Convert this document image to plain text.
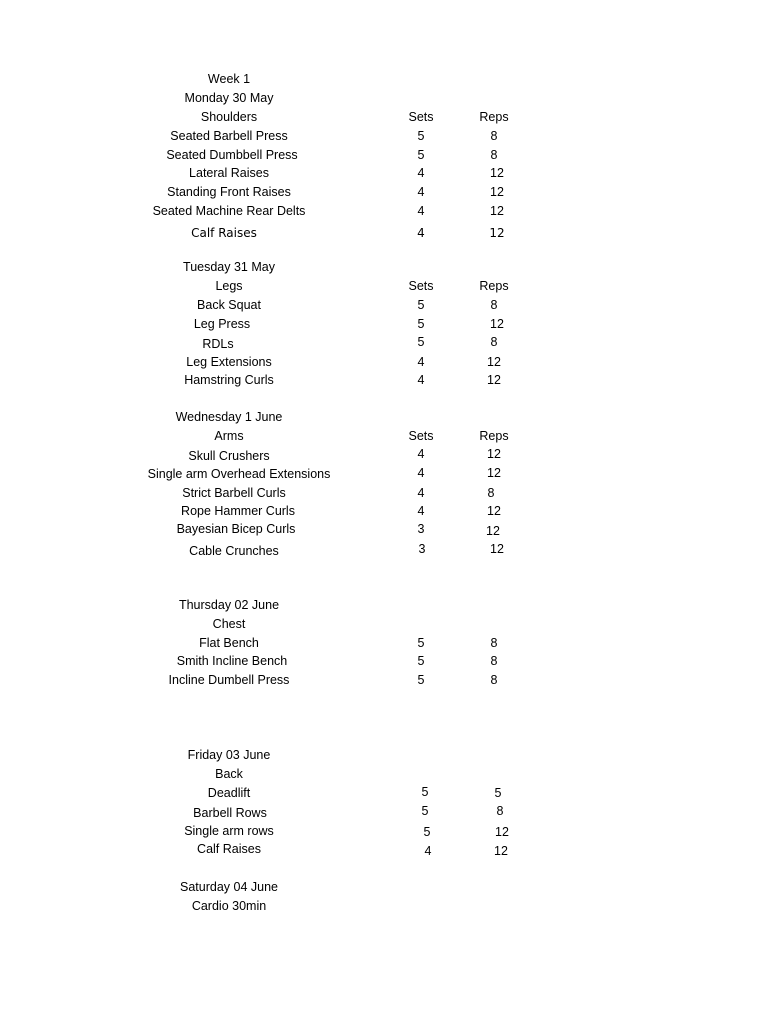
Week 1
Monday 30 May
Shoulders	Sets	Reps
Seated Barbell Press	5	8
Seated Dumbbell Press	5	8
Lateral Raises	4	12
Standing Front Raises	4	12
Seated Machine Rear Delts	4	12
Calf Raises	4	12
Tuesday 31 May
Legs	Sets	Reps
Back Squat	5	8
Leg Press	5	12
RDLs	5	8
Leg Extensions	4	12
Hamstring Curls	4	12
Wednesday 1 June
Arms	Sets	Reps
Skull Crushers	4	12
Single arm Overhead Extensions	4	12
Strict Barbell Curls	4	8
Rope Hammer Curls	4	12
Bayesian Bicep Curls	3	12
Cable Crunches	3	12
Thursday 02 June
Chest
Flat Bench	5	8
Smith Incline Bench	5	8
Incline Dumbell Press	5	8
Friday 03 June
Back
Deadlift	5	5
Barbell Rows	5	8
Single arm rows	5	12
Calf Raises	4	12
Saturday 04 June
Cardio 30min
